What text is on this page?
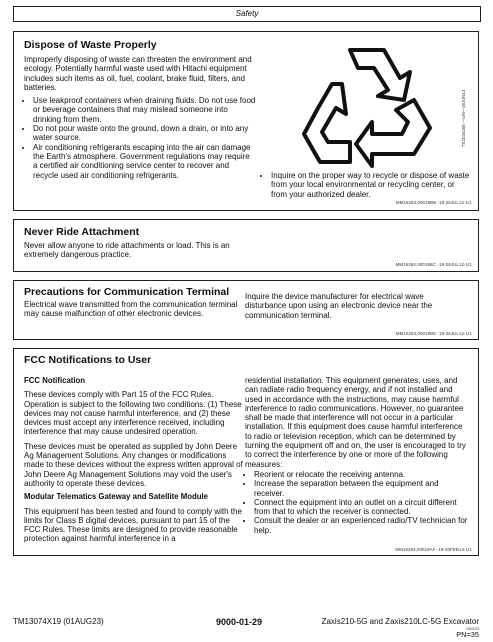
Safety
Dispose of Waste Properly

Improperly disposing of waste can threaten the environment and ecology. Potentially harmful waste used with Hitachi equipment includes such items as oil, fuel, coolant, brake fluid, filters, and batteries.

• Use leakproof containers when draining fluids. Do not use food or beverage containers that may mislead someone into drinking from them.
• Do not pour waste onto the ground, down a drain, or into any water source.
• Air conditioning refrigerants escaping into the air can damage the Earth's atmosphere. Government regulations may require a certified air conditioning service center to recover and recycle used air conditioning refrigerants.
TX1034266 —UN—28JUN13
• Inquire on the proper way to recycle or dispose of waste from your local environmental or recycling center, or from your authorized dealer.
MM16284,00019BB -19-26JUL12-1/1
Never Ride Attachment
Never allow anyone to ride attachments or load. This is an extremely dangerous practice.
MM16284,00019BC -19-26JUL12-1/1
Precautions for Communication Terminal
Electrical wave transmitted from the communication terminal may cause malfunction of other electronic devices.
Inquire the device manufacturer for electrical wave disturbance upon using an electronic device near the communication terminal.
MM16284,00019BE -19-26JUL12-1/1
FCC Notifications to User

FCC Notification

These devices comply with Part 15 of the FCC Rules. Operation is subject to the following two conditions: (1) These devices may not cause harmful interference, and (2) these devices must accept any interference received, including interference that may cause undesired operation.

These devices must be operated as supplied by John Deere Ag Management Solutions. Any changes or modifications made to these devices without the express written approval of John Deere Ag Management Solutions may void the user's authority to operate these devices.

Modular Telematics Gateway and Satellite Module

This equipment has been tested and found to comply with the limits for Class B digital devices, pursuant to part 15 of the FCC Rules. These limits are designed to provide reasonable protection against harmful interference in a

residential installation. This equipment generates, uses, and can radiate radio frequency energy, and if not installed and used in accordance with the instructions, may cause harmful interference to radio communications. However, no guarantee shall be made that interference will not occur in a particular installation. If this equipment does cause harmful interference to radio or television reception, which can be determined by turning the equipment off and on, the user is encouraged to try to correct the interference by one or more of the following measures:

• Reorient or relocate the receiving antenna.
• Increase the separation between the equipment and receiver.
• Connect the equipment into an outlet on a circuit different from that to which the receiver is connected.
• Consult the dealer or an experienced radio/TV technician for help.
MM16284,00019AF -19-20FEB13-1/1
TM13074X19 (01AUG23)	9000-01-29	Zaxis210-5G and Zaxis210LC-5G Excavator
080123
PN=35
